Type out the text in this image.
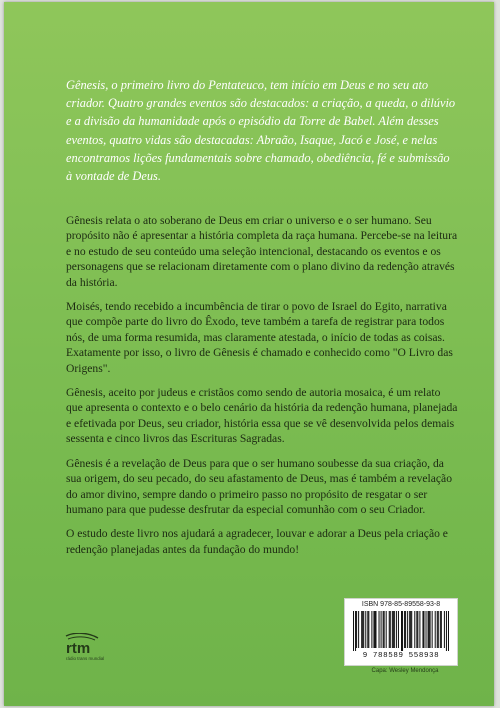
Gênesis, o primeiro livro do Pentateuco, tem início em Deus e no seu ato criador. Quatro grandes eventos são destacados: a criação, a queda, o dilúvio e a divisão da humanidade após o episódio da Torre de Babel. Além desses eventos, quatro vidas são destacadas: Abraão, Isaque, Jacó e José, e nelas encontramos lições fundamentais sobre chamado, obediência, fé e submissão à vontade de Deus.

Gênesis relata o ato soberano de Deus em criar o universo e o ser humano. Seu propósito não é apresentar a história completa da raça humana. Percebe-se na leitura e no estudo de seu conteúdo uma seleção intencional, destacando os eventos e os personagens que se relacionam diretamente com o plano divino da redenção através da história.

Moisés, tendo recebido a incumbência de tirar o povo de Israel do Egito, narrativa que compõe parte do livro do Êxodo, teve também a tarefa de registrar para todos nós, de uma forma resumida, mas claramente atestada, o início de todas as coisas. Exatamente por isso, o livro de Gênesis é chamado e conhecido como "O Livro das Origens".

Gênesis, aceito por judeus e cristãos como sendo de autoria mosaica, é um relato que apresenta o contexto e o belo cenário da história da redenção humana, planejada e efetivada por Deus, seu criador, história essa que se vê desenvolvida pelos demais sessenta e cinco livros das Escrituras Sagradas.

Gênesis é a revelação de Deus para que o ser humano soubesse da sua criação, da sua origem, do seu pecado, do seu afastamento de Deus, mas é também a revelação do amor divino, sempre dando o primeiro passo no propósito de resgatar o ser humano para que pudesse desfrutar da especial comunhão com o seu Criador.

O estudo deste livro nos ajudará a agradecer, louvar e adorar a Deus pela criação e redenção planejadas antes da fundação do mundo!

rtm
rádio trans mundial
ISBN 978-85-89558-93-8
9 788589 558938
Capa: Wesley Mendonça
